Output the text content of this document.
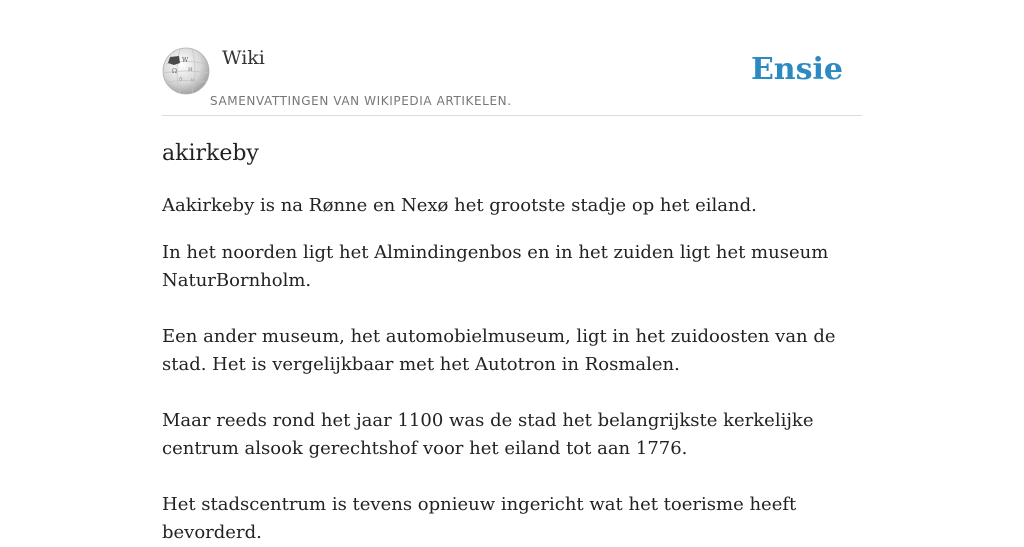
W
Ω И
ウ ν
Wiki
SAMENVATTINGEN VAN WIKIPEDIA ARTIKELEN.
Ensie
akirkeby

Aakirkeby is na Rønne en Nexø het grootste stadje op het eiland.

In het noorden ligt het Almindingenbos en in het zuiden ligt het museum NaturBornholm.

Een ander museum, het automobielmuseum, ligt in het zuidoosten van de stad. Het is vergelijkbaar met het Autotron in Rosmalen.

Maar reeds rond het jaar 1100 was de stad het belangrijkste kerkelijke centrum alsook gerechtshof voor het eiland tot aan 1776.

Het stadscentrum is tevens opnieuw ingericht wat het toerisme heeft bevorderd.
